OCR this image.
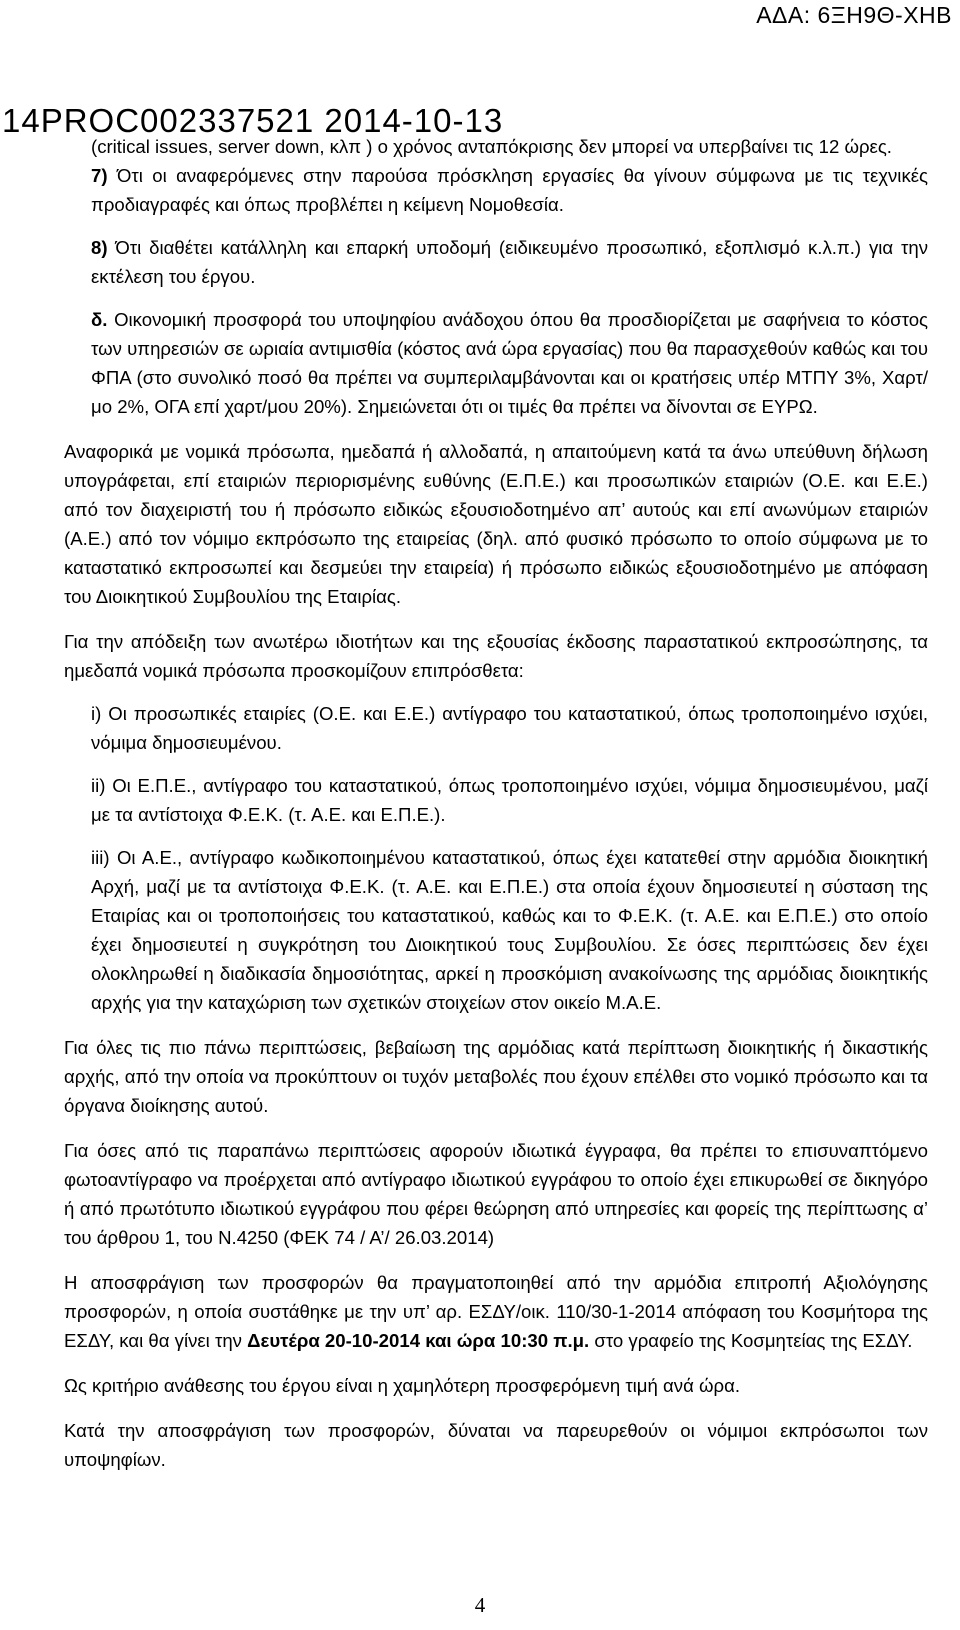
ΑΔΑ: 6ΞΗ9Θ-ΧΗΒ
14PROC002337521 2014-10-13

(critical issues, server down, κλπ ) ο χρόνος ανταπόκρισης δεν μπορεί να υπερβαίνει τις 12 ώρες.

7) Ότι οι αναφερόμενες στην παρούσα πρόσκληση εργασίες θα γίνουν σύμφωνα με τις τεχνικές προδιαγραφές και όπως προβλέπει η κείμενη Νομοθεσία.

8) Ότι διαθέτει κατάλληλη και επαρκή υποδομή (ειδικευμένο προσωπικό, εξοπλισμό κ.λ.π.) για την εκτέλεση του έργου.

δ. Οικονομική προσφορά του υποψηφίου ανάδοχου όπου θα προσδιορίζεται με σαφήνεια το κόστος των υπηρεσιών σε ωριαία αντιμισθία (κόστος ανά ώρα εργασίας) που θα παρασχεθούν καθώς και του ΦΠΑ (στο συνολικό ποσό θα πρέπει να συμπεριλαμβάνονται και οι κρατήσεις υπέρ ΜΤΠΥ 3%, Χαρτ/μο 2%, ΟΓΑ επί χαρτ/μου 20%). Σημειώνεται ότι οι τιμές θα πρέπει να δίνονται σε ΕΥΡΩ.

Αναφορικά με νομικά πρόσωπα, ημεδαπά ή αλλοδαπά, η απαιτούμενη κατά τα άνω υπεύθυνη δήλωση υπογράφεται, επί εταιριών περιορισμένης ευθύνης (Ε.Π.Ε.) και προσωπικών εταιριών (Ο.Ε. και Ε.Ε.) από τον διαχειριστή του ή πρόσωπο ειδικώς εξουσιοδοτημένο απ’ αυτούς και επί ανωνύμων εταιριών (Α.Ε.) από τον νόμιμο εκπρόσωπο της εταιρείας (δηλ. από φυσικό πρόσωπο το οποίο σύμφωνα με το καταστατικό εκπροσωπεί και δεσμεύει την εταιρεία) ή πρόσωπο ειδικώς εξουσιοδοτημένο με απόφαση του Διοικητικού Συμβουλίου της Εταιρίας.

Για την απόδειξη των ανωτέρω ιδιοτήτων και της εξουσίας έκδοσης παραστατικού εκπροσώπησης, τα ημεδαπά νομικά πρόσωπα προσκομίζουν επιπρόσθετα:

i) Οι προσωπικές εταιρίες (Ο.Ε. και Ε.Ε.) αντίγραφο του καταστατικού, όπως τροποποιημένο ισχύει, νόμιμα δημοσιευμένου.

ii) Οι Ε.Π.Ε., αντίγραφο του καταστατικού, όπως τροποποιημένο ισχύει, νόμιμα δημοσιευμένου, μαζί με τα αντίστοιχα Φ.Ε.Κ. (τ. Α.Ε. και Ε.Π.Ε.).

iii) Οι Α.Ε., αντίγραφο κωδικοποιημένου καταστατικού, όπως έχει κατατεθεί στην αρμόδια διοικητική Αρχή, μαζί με τα αντίστοιχα Φ.Ε.Κ. (τ. Α.Ε. και Ε.Π.Ε.) στα οποία έχουν δημοσιευτεί η σύσταση της Εταιρίας και οι τροποποιήσεις του καταστατικού, καθώς και το Φ.Ε.Κ. (τ. Α.Ε. και Ε.Π.Ε.) στο οποίο έχει δημοσιευτεί η συγκρότηση του Διοικητικού τους Συμβουλίου. Σε όσες περιπτώσεις δεν έχει ολοκληρωθεί η διαδικασία δημοσιότητας, αρκεί η προσκόμιση ανακοίνωσης της αρμόδιας διοικητικής αρχής για την καταχώριση των σχετικών στοιχείων στον οικείο Μ.Α.Ε.

Για όλες τις πιο πάνω περιπτώσεις, βεβαίωση της αρμόδιας κατά περίπτωση διοικητικής ή δικαστικής αρχής, από την οποία να προκύπτουν οι τυχόν μεταβολές που έχουν επέλθει στο νομικό πρόσωπο και τα όργανα διοίκησης αυτού.

Για όσες από τις παραπάνω περιπτώσεις αφορούν ιδιωτικά έγγραφα, θα πρέπει το επισυναπτόμενο φωτοαντίγραφο να προέρχεται από αντίγραφο ιδιωτικού εγγράφου το οποίο έχει επικυρωθεί σε δικηγόρο ή από πρωτότυπο ιδιωτικού εγγράφου που φέρει θεώρηση από υπηρεσίες και φορείς της περίπτωσης α’ του άρθρου 1, του Ν.4250 (ΦΕΚ 74 / Α’/ 26.03.2014)

Η αποσφράγιση των προσφορών θα πραγματοποιηθεί από την αρμόδια επιτροπή Αξιολόγησης προσφορών, η οποία συστάθηκε με την υπ’ αρ. ΕΣΔΥ/οικ. 110/30-1-2014 απόφαση του Κοσμήτορα της ΕΣΔΥ, και θα γίνει την Δευτέρα 20-10-2014 και ώρα 10:30 π.μ. στο γραφείο της Κοσμητείας της ΕΣΔΥ.

Ως κριτήριο ανάθεσης του έργου είναι η χαμηλότερη προσφερόμενη τιμή ανά ώρα.

Κατά την αποσφράγιση των προσφορών, δύναται να παρευρεθούν οι νόμιμοι εκπρόσωποι των υποψηφίων.

4
